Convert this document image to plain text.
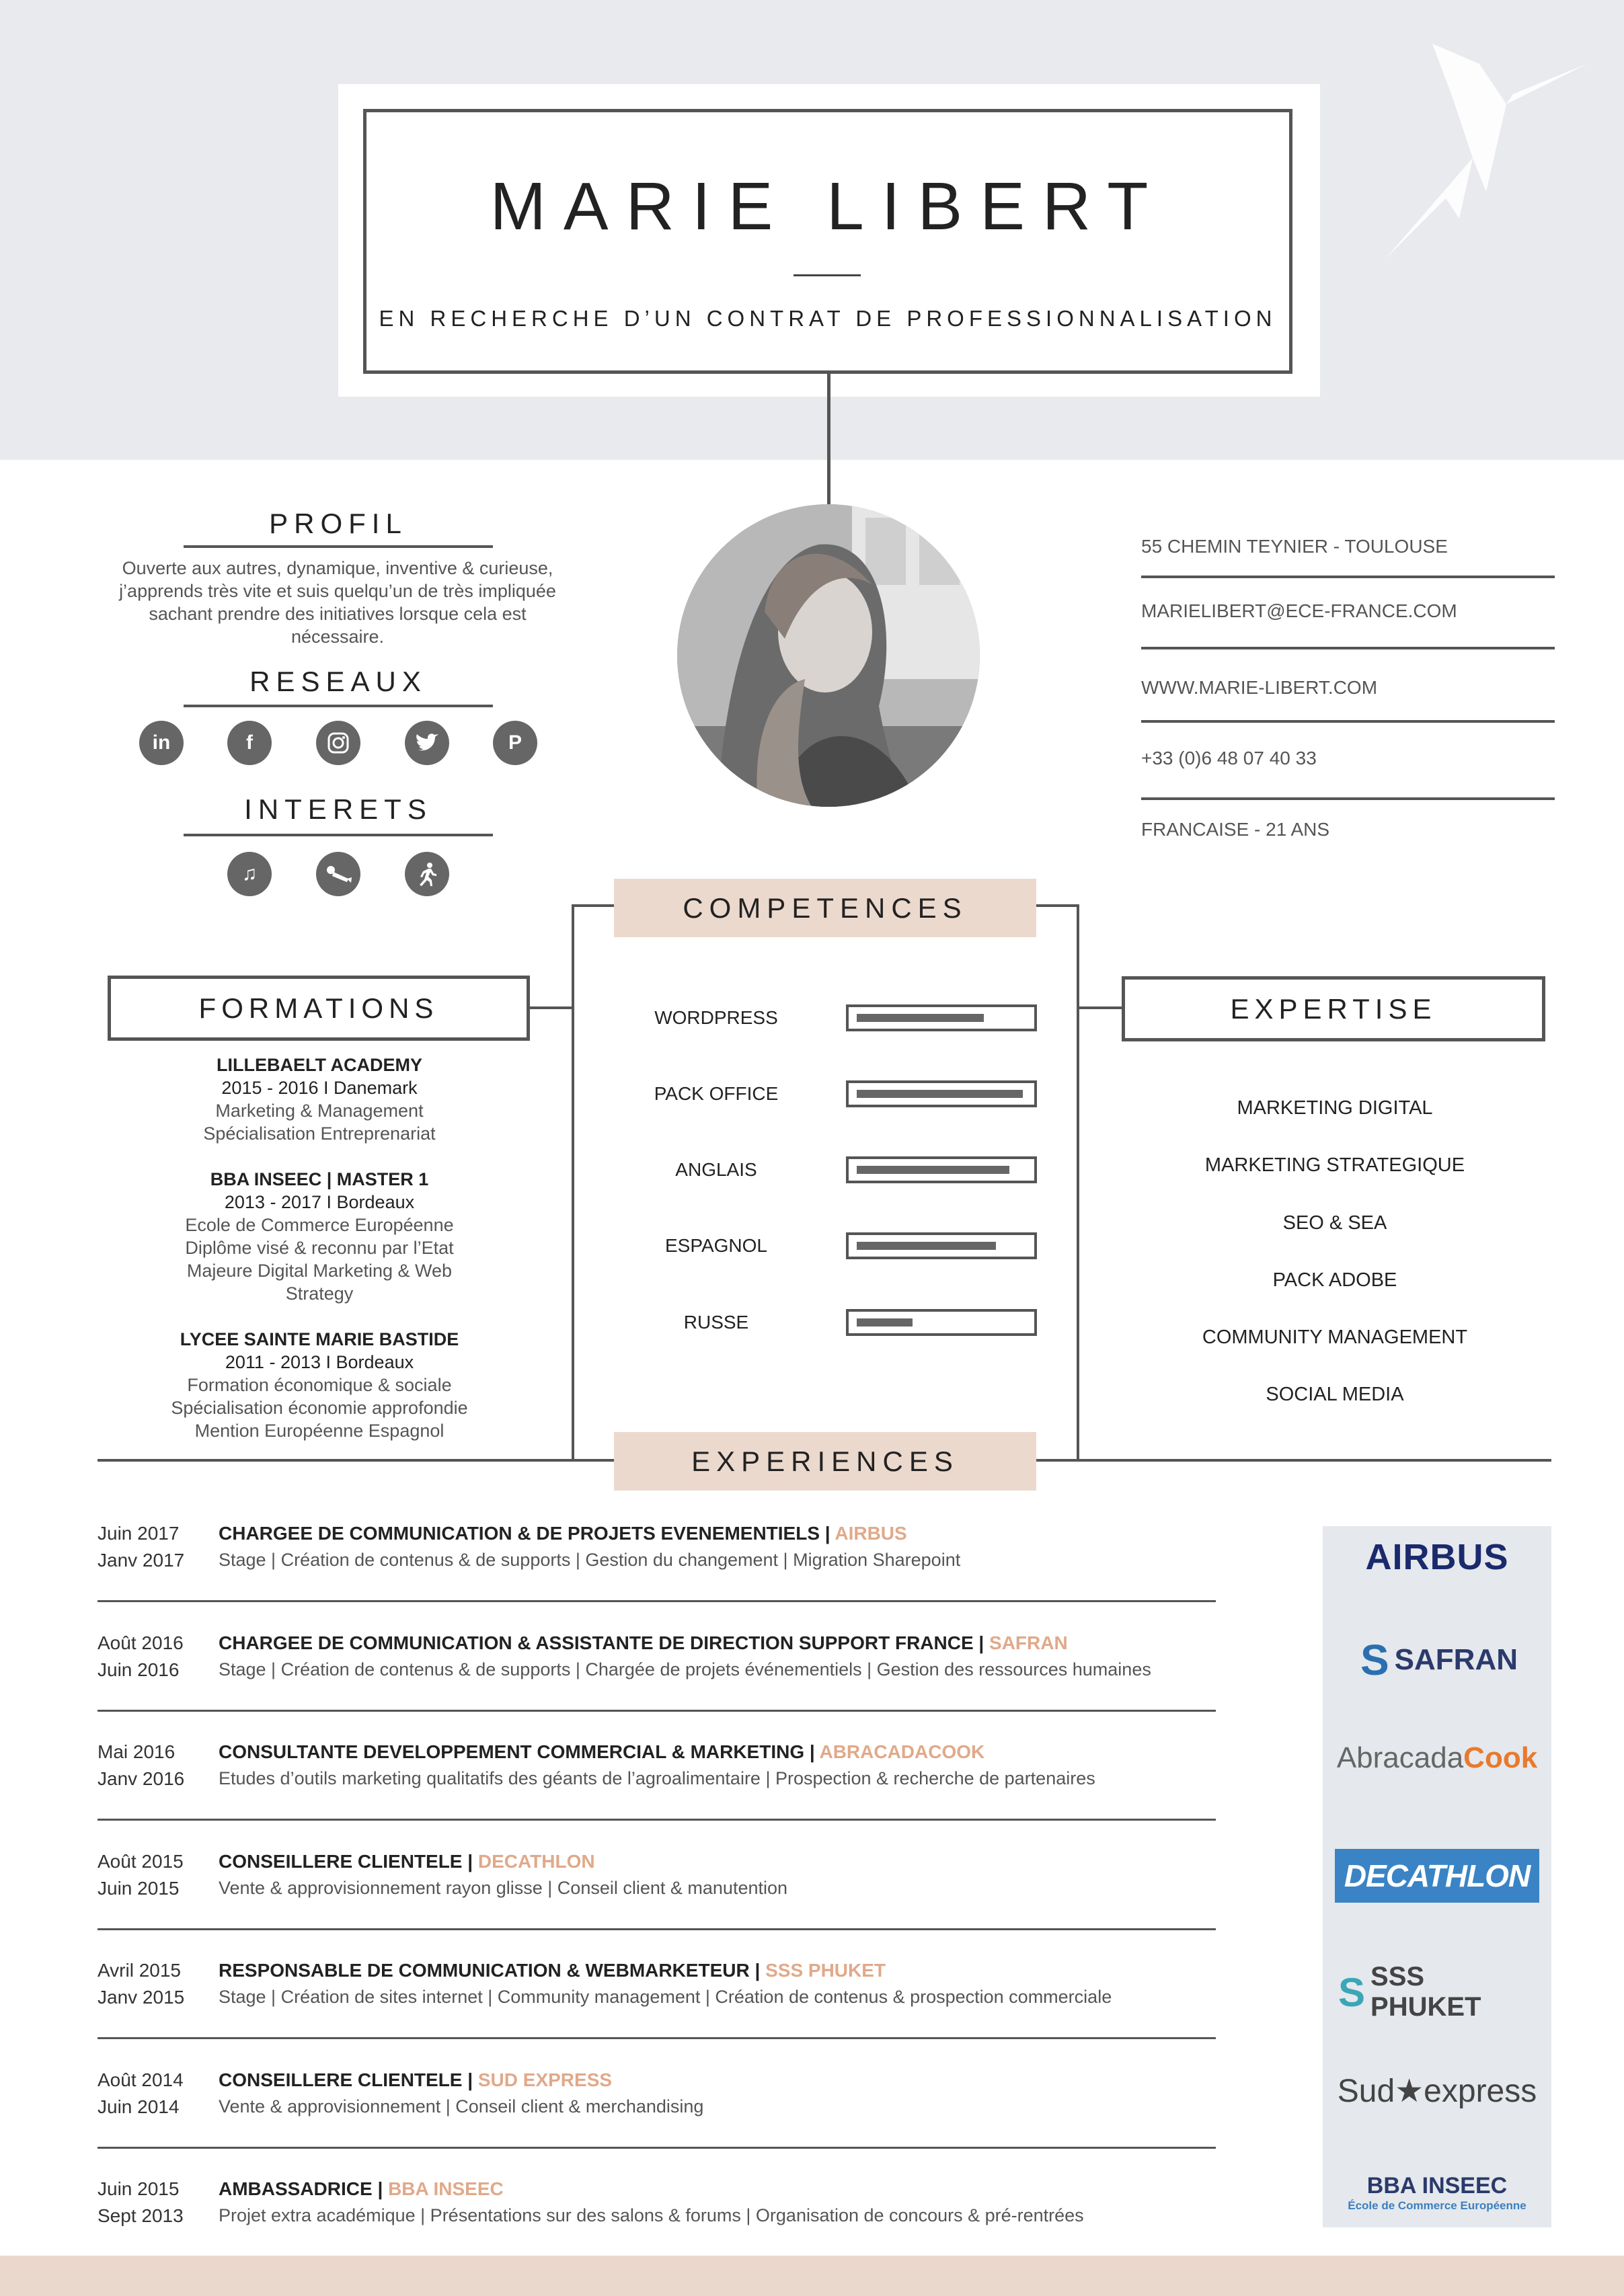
MARIE LIBERT
EN RECHERCHE D’UN CONTRAT DE PROFESSIONNALISATION
PROFIL
Ouverte aux autres, dynamique, inventive & curieuse, j’apprends très vite et suis quelqu’un de très impliquée sachant prendre des initiatives lorsque cela est nécessaire.
RESEAUX
in	f	P
INTERETS
♫
55 CHEMIN TEYNIER - TOULOUSE
MARIELIBERT@ECE-FRANCE.COM
WWW.MARIE-LIBERT.COM
+33 (0)6 48 07 40 33
FRANCAISE - 21 ANS
COMPETENCES
WORDPRESS
PACK OFFICE
ANGLAIS
ESPAGNOL
RUSSE
FORMATIONS
LILLEBAELT ACADEMY
2015 - 2016 I Danemark
Marketing & Management
Spécialisation Entreprenariat
BBA INSEEC | MASTER 1
2013 - 2017 I Bordeaux
Ecole de Commerce Européenne
Diplôme visé & reconnu par l’Etat
Majeure Digital Marketing & Web
Strategy
LYCEE SAINTE MARIE BASTIDE
2011 - 2013 I Bordeaux
Formation économique & sociale
Spécialisation économie approfondie
Mention Européenne Espagnol
EXPERTISE
MARKETING DIGITAL
MARKETING STRATEGIQUE
SEO & SEA
PACK ADOBE
COMMUNITY MANAGEMENT
SOCIAL MEDIA
EXPERIENCES
Juin 2017
Janv 2017
CHARGEE DE COMMUNICATION & DE PROJETS EVENEMENTIELS | AIRBUS
Stage | Création de contenus & de supports | Gestion du changement | Migration Sharepoint
Août 2016
Juin 2016
CHARGEE DE COMMUNICATION & ASSISTANTE DE DIRECTION SUPPORT FRANCE | SAFRAN
Stage | Création de contenus & de supports | Chargée de projets événementiels | Gestion des ressources humaines
Mai 2016
Janv 2016
CONSULTANTE DEVELOPPEMENT COMMERCIAL & MARKETING | ABRACADACOOK
Etudes d’outils marketing qualitatifs des géants de l’agroalimentaire | Prospection & recherche de partenaires
Août 2015
Juin 2015
CONSEILLERE CLIENTELE | DECATHLON
Vente & approvisionnement rayon glisse | Conseil client & manutention
Avril 2015
Janv 2015
RESPONSABLE DE COMMUNICATION & WEBMARKETEUR | SSS PHUKET
Stage | Création de sites internet | Community management | Création de contenus & prospection commerciale
Août 2014
Juin 2014
CONSEILLERE CLIENTELE | SUD EXPRESS
Vente & approvisionnement | Conseil client & merchandising
Juin 2015
Sept 2013
AMBASSADRICE | BBA INSEEC
Projet extra académique | Présentations sur des salons & forums | Organisation de concours & pré-rentrées
AIRBUS
S SAFRAN
AbracadaCook
DECATHLON
S SSS PHUKET
Sud★express
BBA INSEEC
École de Commerce Européenne
